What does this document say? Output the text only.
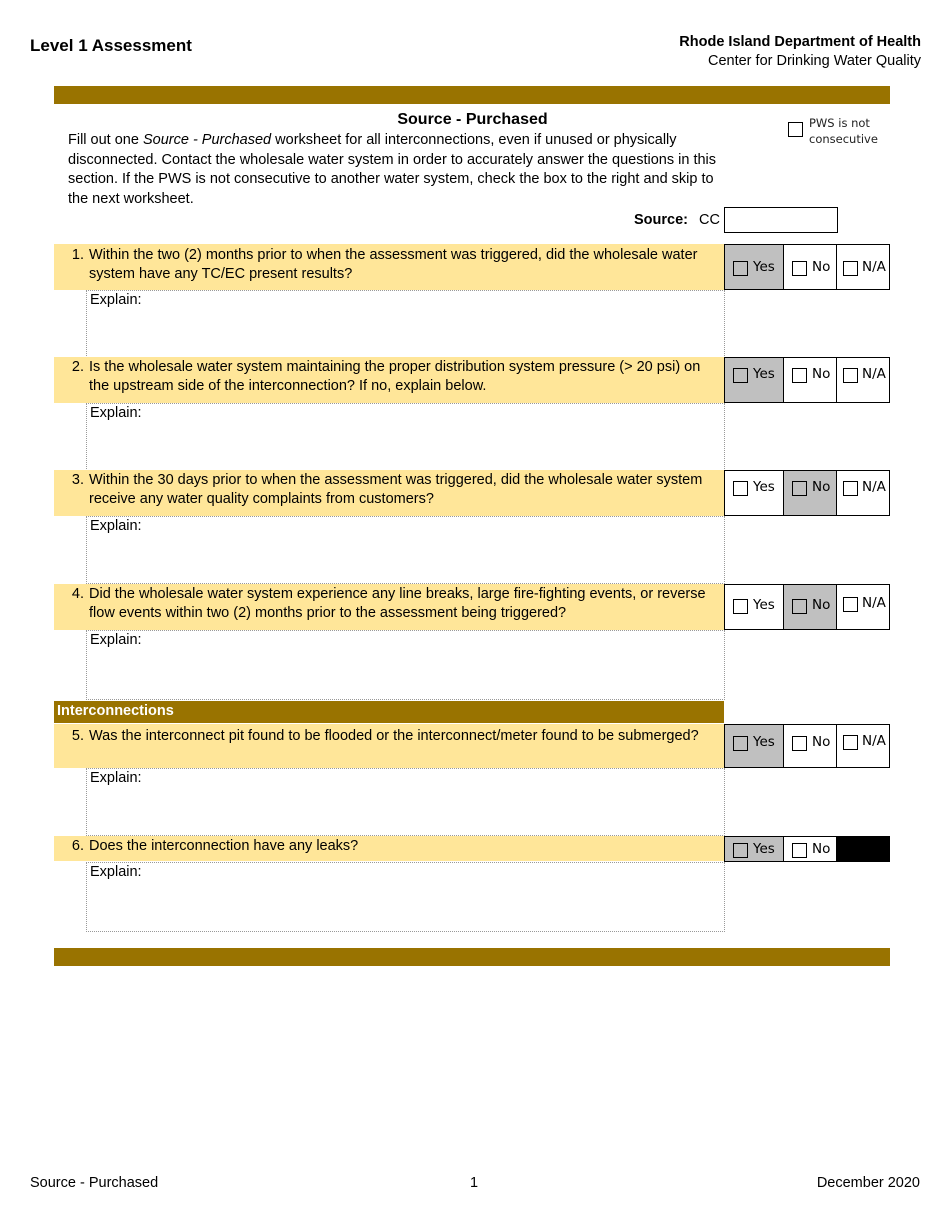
Level 1 Assessment	Rhode Island Department of Health
Center for Drinking Water Quality
Source - Purchased
Fill out one Source - Purchased worksheet for all interconnections, even if unused or physically disconnected. Contact the wholesale water system in order to accurately answer the questions in this section. If the PWS is not consecutive to another water system, check the box to the right and skip to the next worksheet.
PWS is not
consecutive
Source: CC
1. Within the two (2) months prior to when the assessment was triggered, did the wholesale water system have any TC/EC present results?
Explain:
Yes	No N/A
2. Is the wholesale water system maintaining the proper distribution system pressure (> 20 psi) on the upstream side of the interconnection? If no, explain below.
Explain:
Yes	No N/A
3. Within the 30 days prior to when the assessment was triggered, did the wholesale water system receive any water quality complaints from customers?
Explain:
Yes	No N/A
4. Did the wholesale water system experience any line breaks, large fire-fighting events, or reverse flow events within two (2) months prior to the assessment being triggered?
Explain:
Yes	No N/A
Interconnections
5. Was the interconnect pit found to be flooded or the interconnect/meter found to be submerged?
Explain:
Yes	No N/A
6. Does the interconnection have any leaks?
Explain:
Yes	No
Source - Purchased	1	December 2020
